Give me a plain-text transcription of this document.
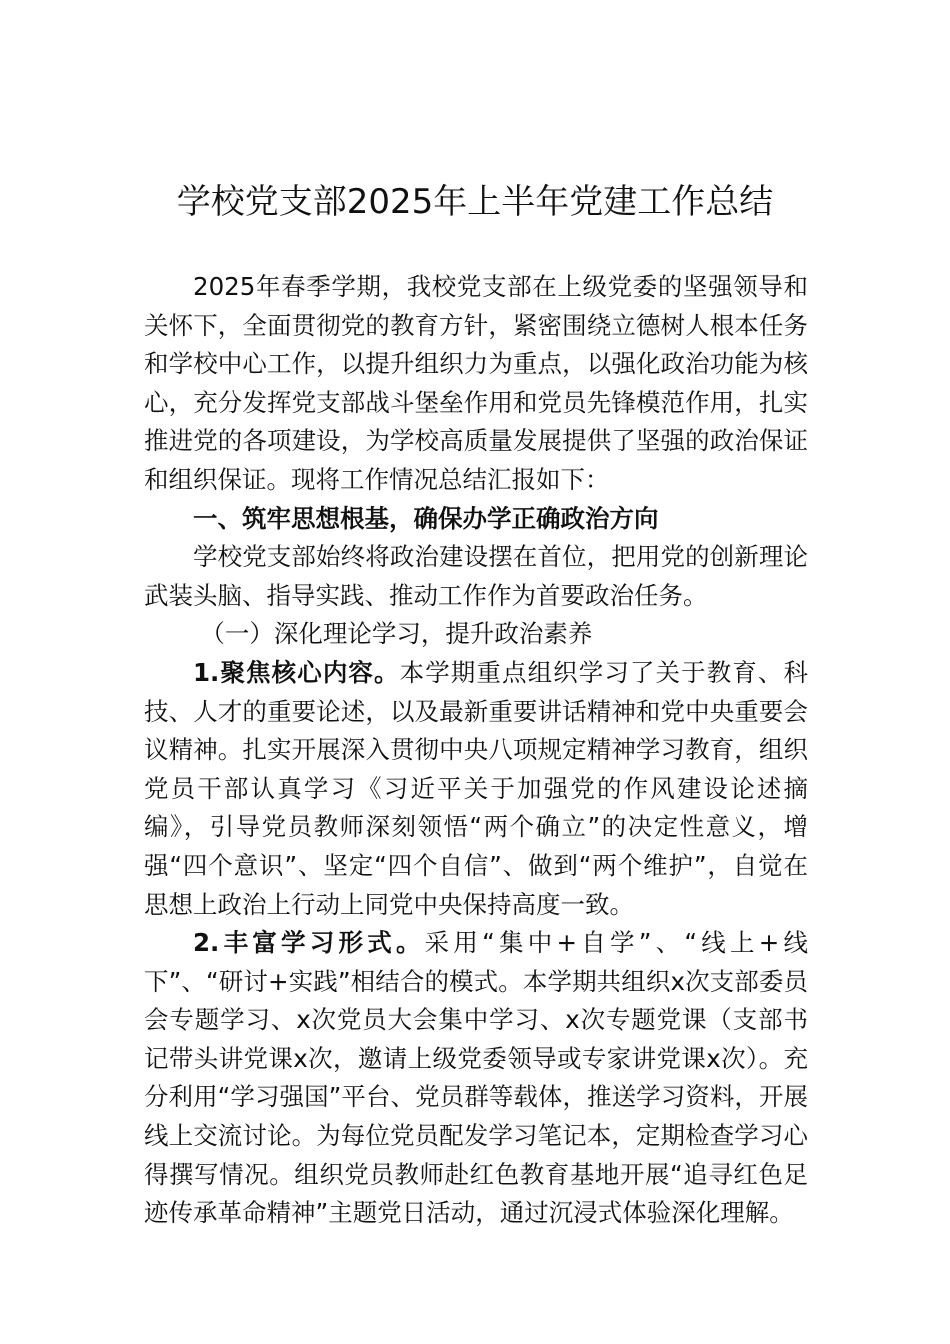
学校党支部2025年上半年党建工作总结

2025年春季学期，我校党支部在上级党委的坚强领导和关怀下，全面贯彻党的教育方针，紧密围绕立德树人根本任务和学校中心工作，以提升组织力为重点，以强化政治功能为核心，充分发挥党支部战斗堡垒作用和党员先锋模范作用，扎实推进党的各项建设，为学校高质量发展提供了坚强的政治保证和组织保证。现将工作情况总结汇报如下：

一、筑牢思想根基，确保办学正确政治方向

学校党支部始终将政治建设摆在首位，把用党的创新理论武装头脑、指导实践、推动工作作为首要政治任务。

（一）深化理论学习，提升政治素养

1.聚焦核心内容。本学期重点组织学习了关于教育、科技、人才的重要论述，以及最新重要讲话精神和党中央重要会议精神。扎实开展深入贯彻中央八项规定精神学习教育，组织党员干部认真学习《习近平关于加强党的作风建设论述摘编》，引导党员教师深刻领悟“两个确立”的决定性意义，增强“四个意识”、坚定“四个自信”、做到“两个维护”，自觉在思想上政治上行动上同党中央保持高度一致。

2.丰富学习形式。采用“集中+自学”、“线上+线下”、“研讨+实践”相结合的模式。本学期共组织x次支部委员会专题学习、x次党员大会集中学习、x次专题党课（支部书记带头讲党课x次，邀请上级党委领导或专家讲党课x次）。充分利用“学习强国”平台、党员群等载体，推送学习资料，开展线上交流讨论。为每位党员配发学习笔记本，定期检查学习心得撰写情况。组织党员教师赴红色教育基地开展“追寻红色足迹传承革命精神”主题党日活动，通过沉浸式体验深化理解。
